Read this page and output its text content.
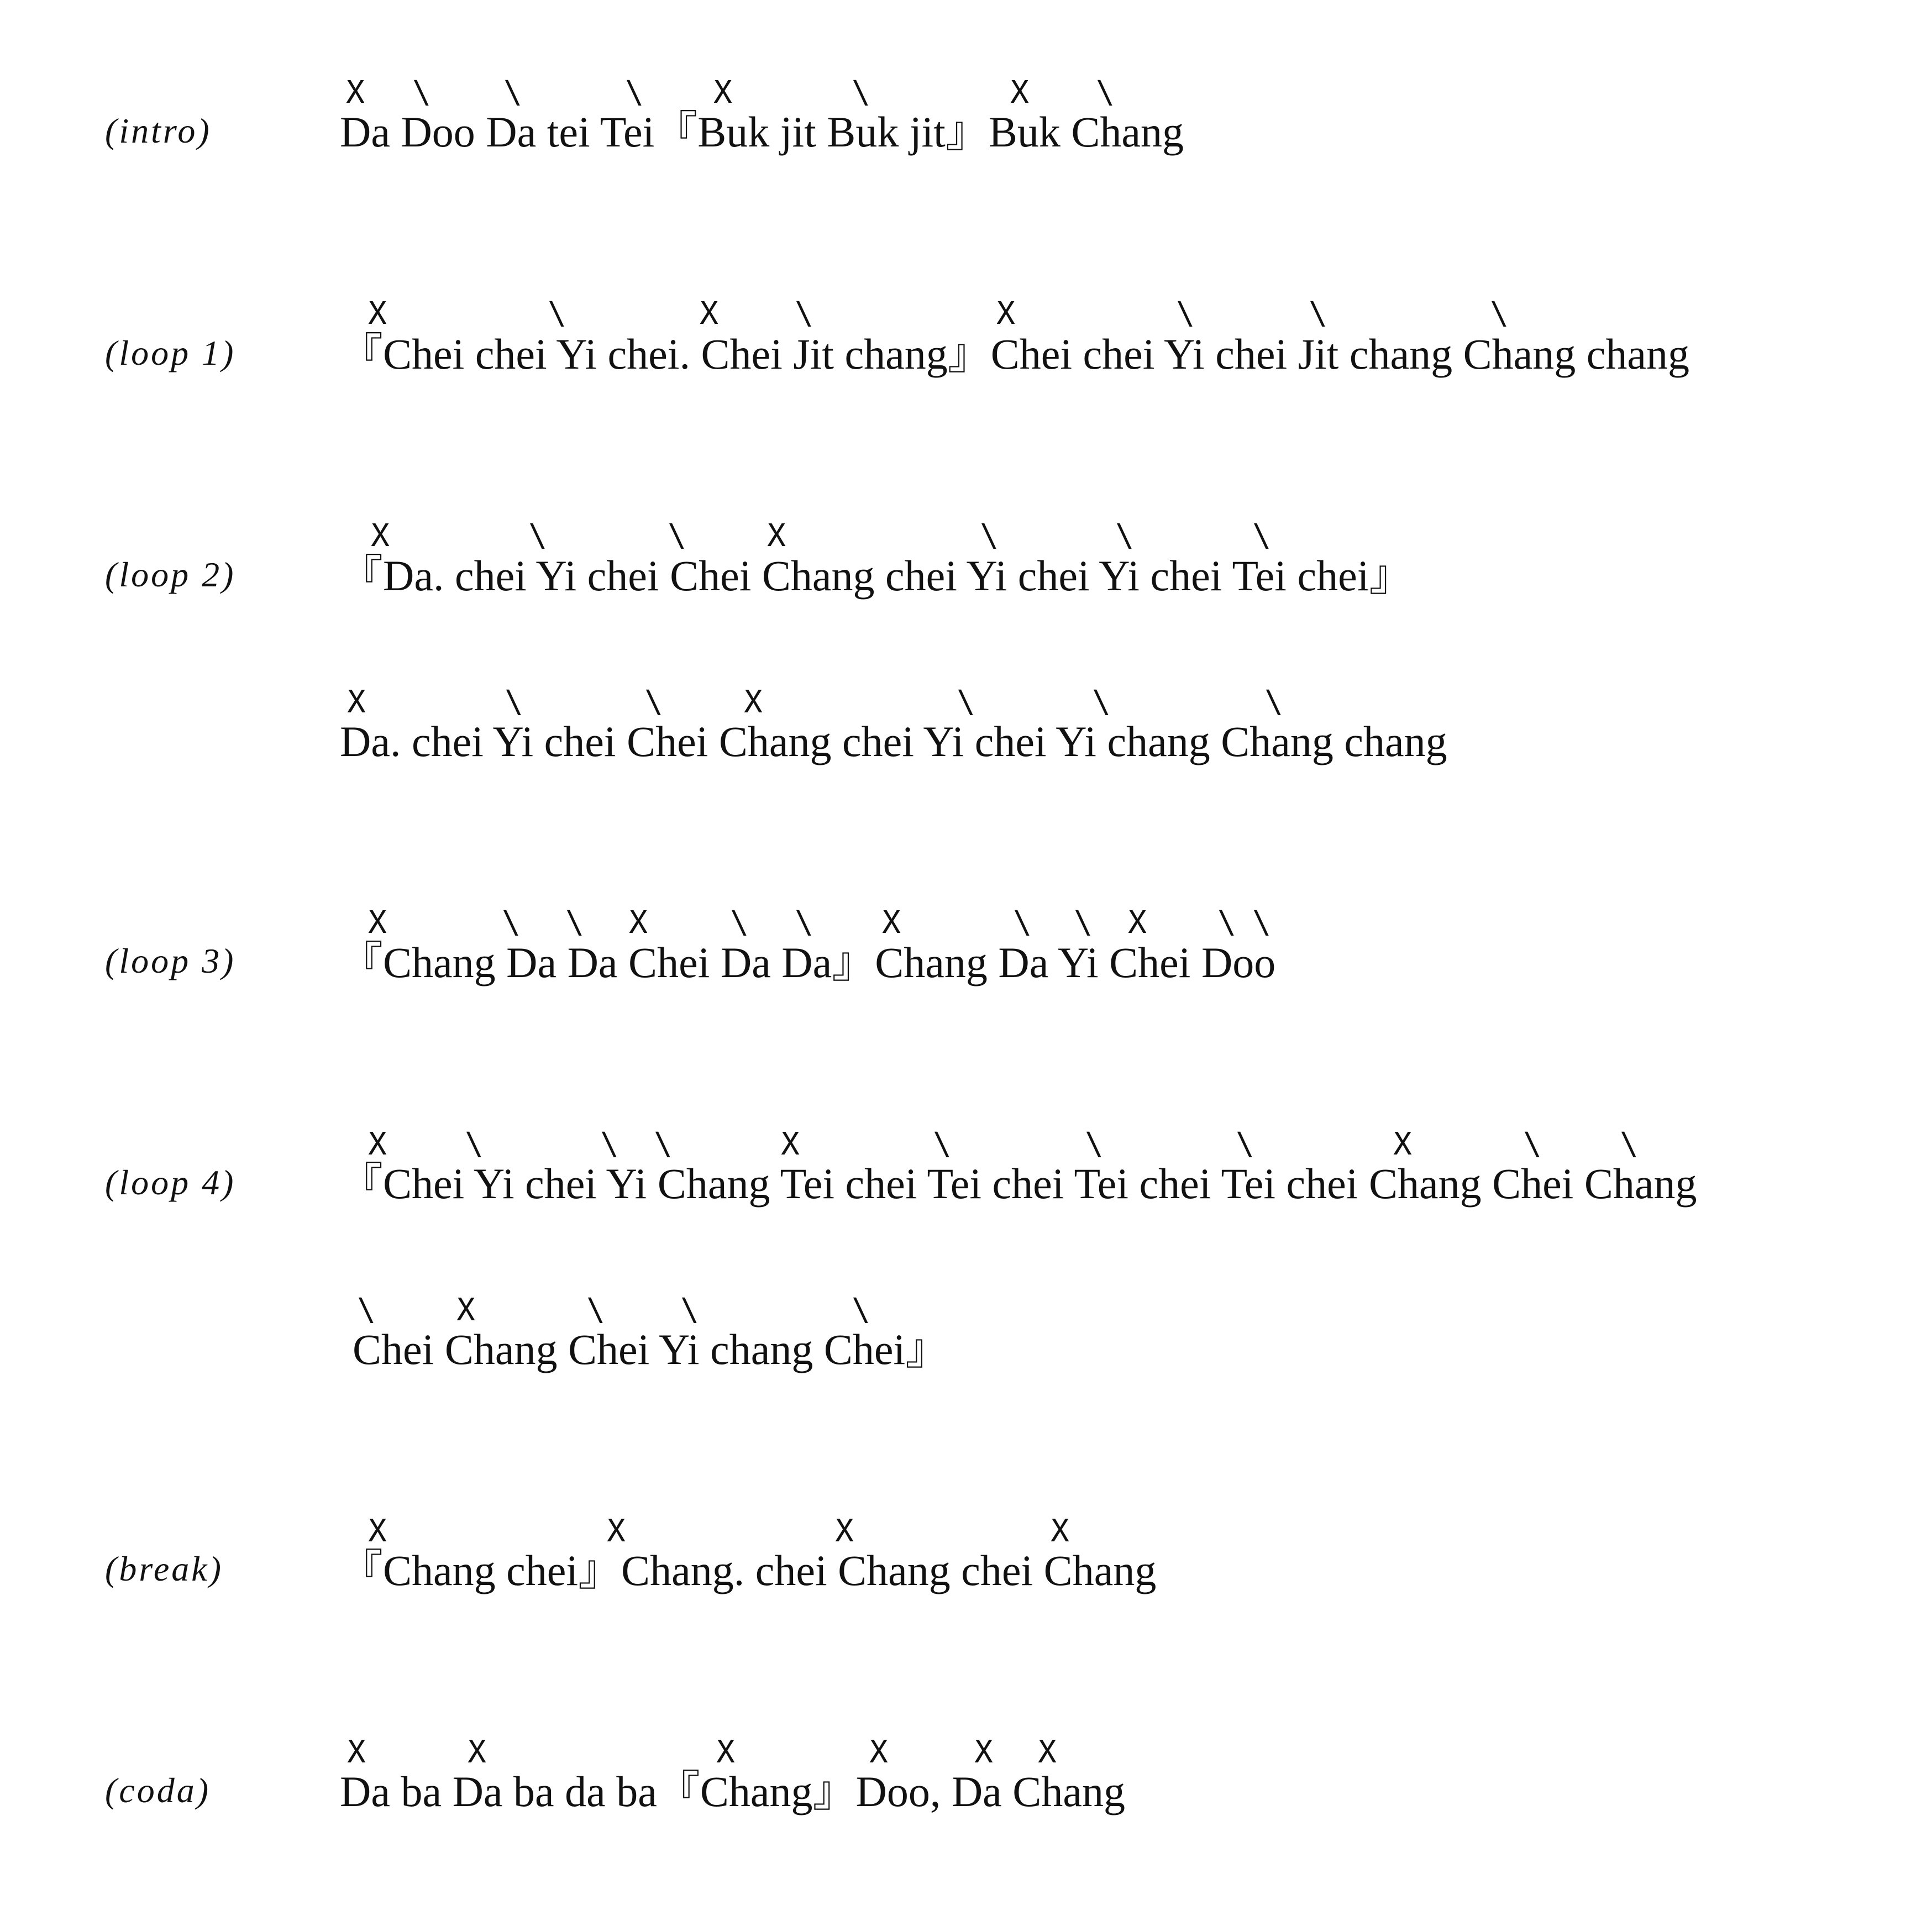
(intro)
X \ \	\ X	\	X \
Da Doo Da tei Tei『Buk jit Buk jit』Buk Chang
(loop 1)
X	\	X \	X	\	\	\
『Chei chei Yi chei. Chei Jit chang』Chei chei Yi chei Jit chang Chang chang
(loop 2)
X	\	\	X	\	\	\
『Da. chei Yi chei Chei Chang chei Yi chei Yi chei Tei chei』
X	\	\	X	\	\	\
Da. chei Yi chei Chei Chang chei Yi chei Yi chang Chang chang
(loop 3)
X	\ \ X	\ \ X	\ \ X \ \
『Chang Da Da Chei Da Da』Chang Da Yi Chei Doo
(loop 4)
X	\	\ \	X	\	\	\	X	\	\
『Chei Yi chei Yi Chang Tei chei Tei chei Tei chei Tei chei Chang Chei Chang
\	X	\ \	\
Chei Chang Chei Yi chang Chei』
(break)
X	X	X	X
『Chang chei』Chang. chei Chang chei Chang
(coda)
X	X	X	X	X X
Da ba Da ba da ba『Chang』Doo, Da Chang
